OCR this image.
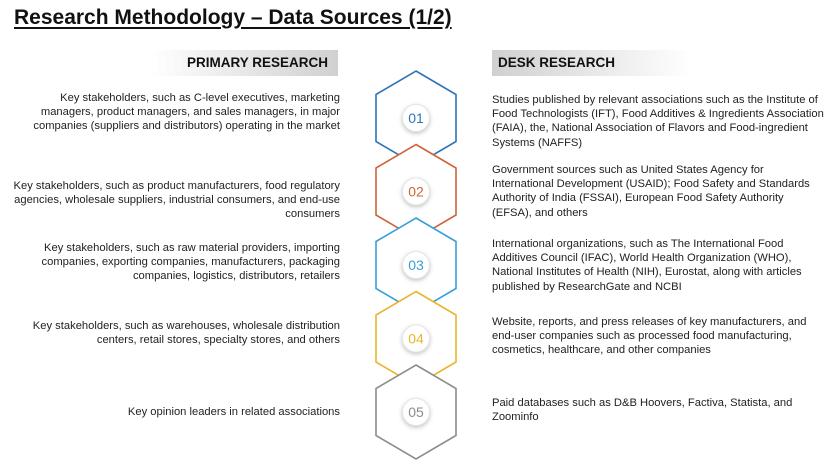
Research Methodology – Data Sources (1/2)
PRIMARY RESEARCH	DESK RESEARCH
01
02
03
04
05
Key stakeholders, such as C-level executives, marketing managers, product managers, and sales managers, in major companies (suppliers and distributors) operating in the market
Key stakeholders, such as product manufacturers, food regulatory agencies, wholesale suppliers, industrial consumers, and end-use consumers
Key stakeholders, such as raw material providers, importing companies, exporting companies, manufacturers, packaging companies, logistics, distributors, retailers
Key stakeholders, such as warehouses, wholesale distribution centers, retail stores, specialty stores, and others
Key opinion leaders in related associations
Studies published by relevant associations such as the Institute of Food Technologists (IFT), Food Additives & Ingredients Association (FAIA), the, National Association of Flavors and Food-ingredient Systems (NAFFS)
Government sources such as United States Agency for International Development (USAID); Food Safety and Standards Authority of India (FSSAI), European Food Safety Authority (EFSA), and others
International organizations, such as The International Food Additives Council (IFAC), World Health Organization (WHO), National Institutes of Health (NIH), Eurostat, along with articles published by ResearchGate and NCBI
Website, reports, and press releases of key manufacturers, and end-user companies such as processed food manufacturing, cosmetics, healthcare, and other companies
Paid databases such as D&B Hoovers, Factiva, Statista, and Zoominfo
